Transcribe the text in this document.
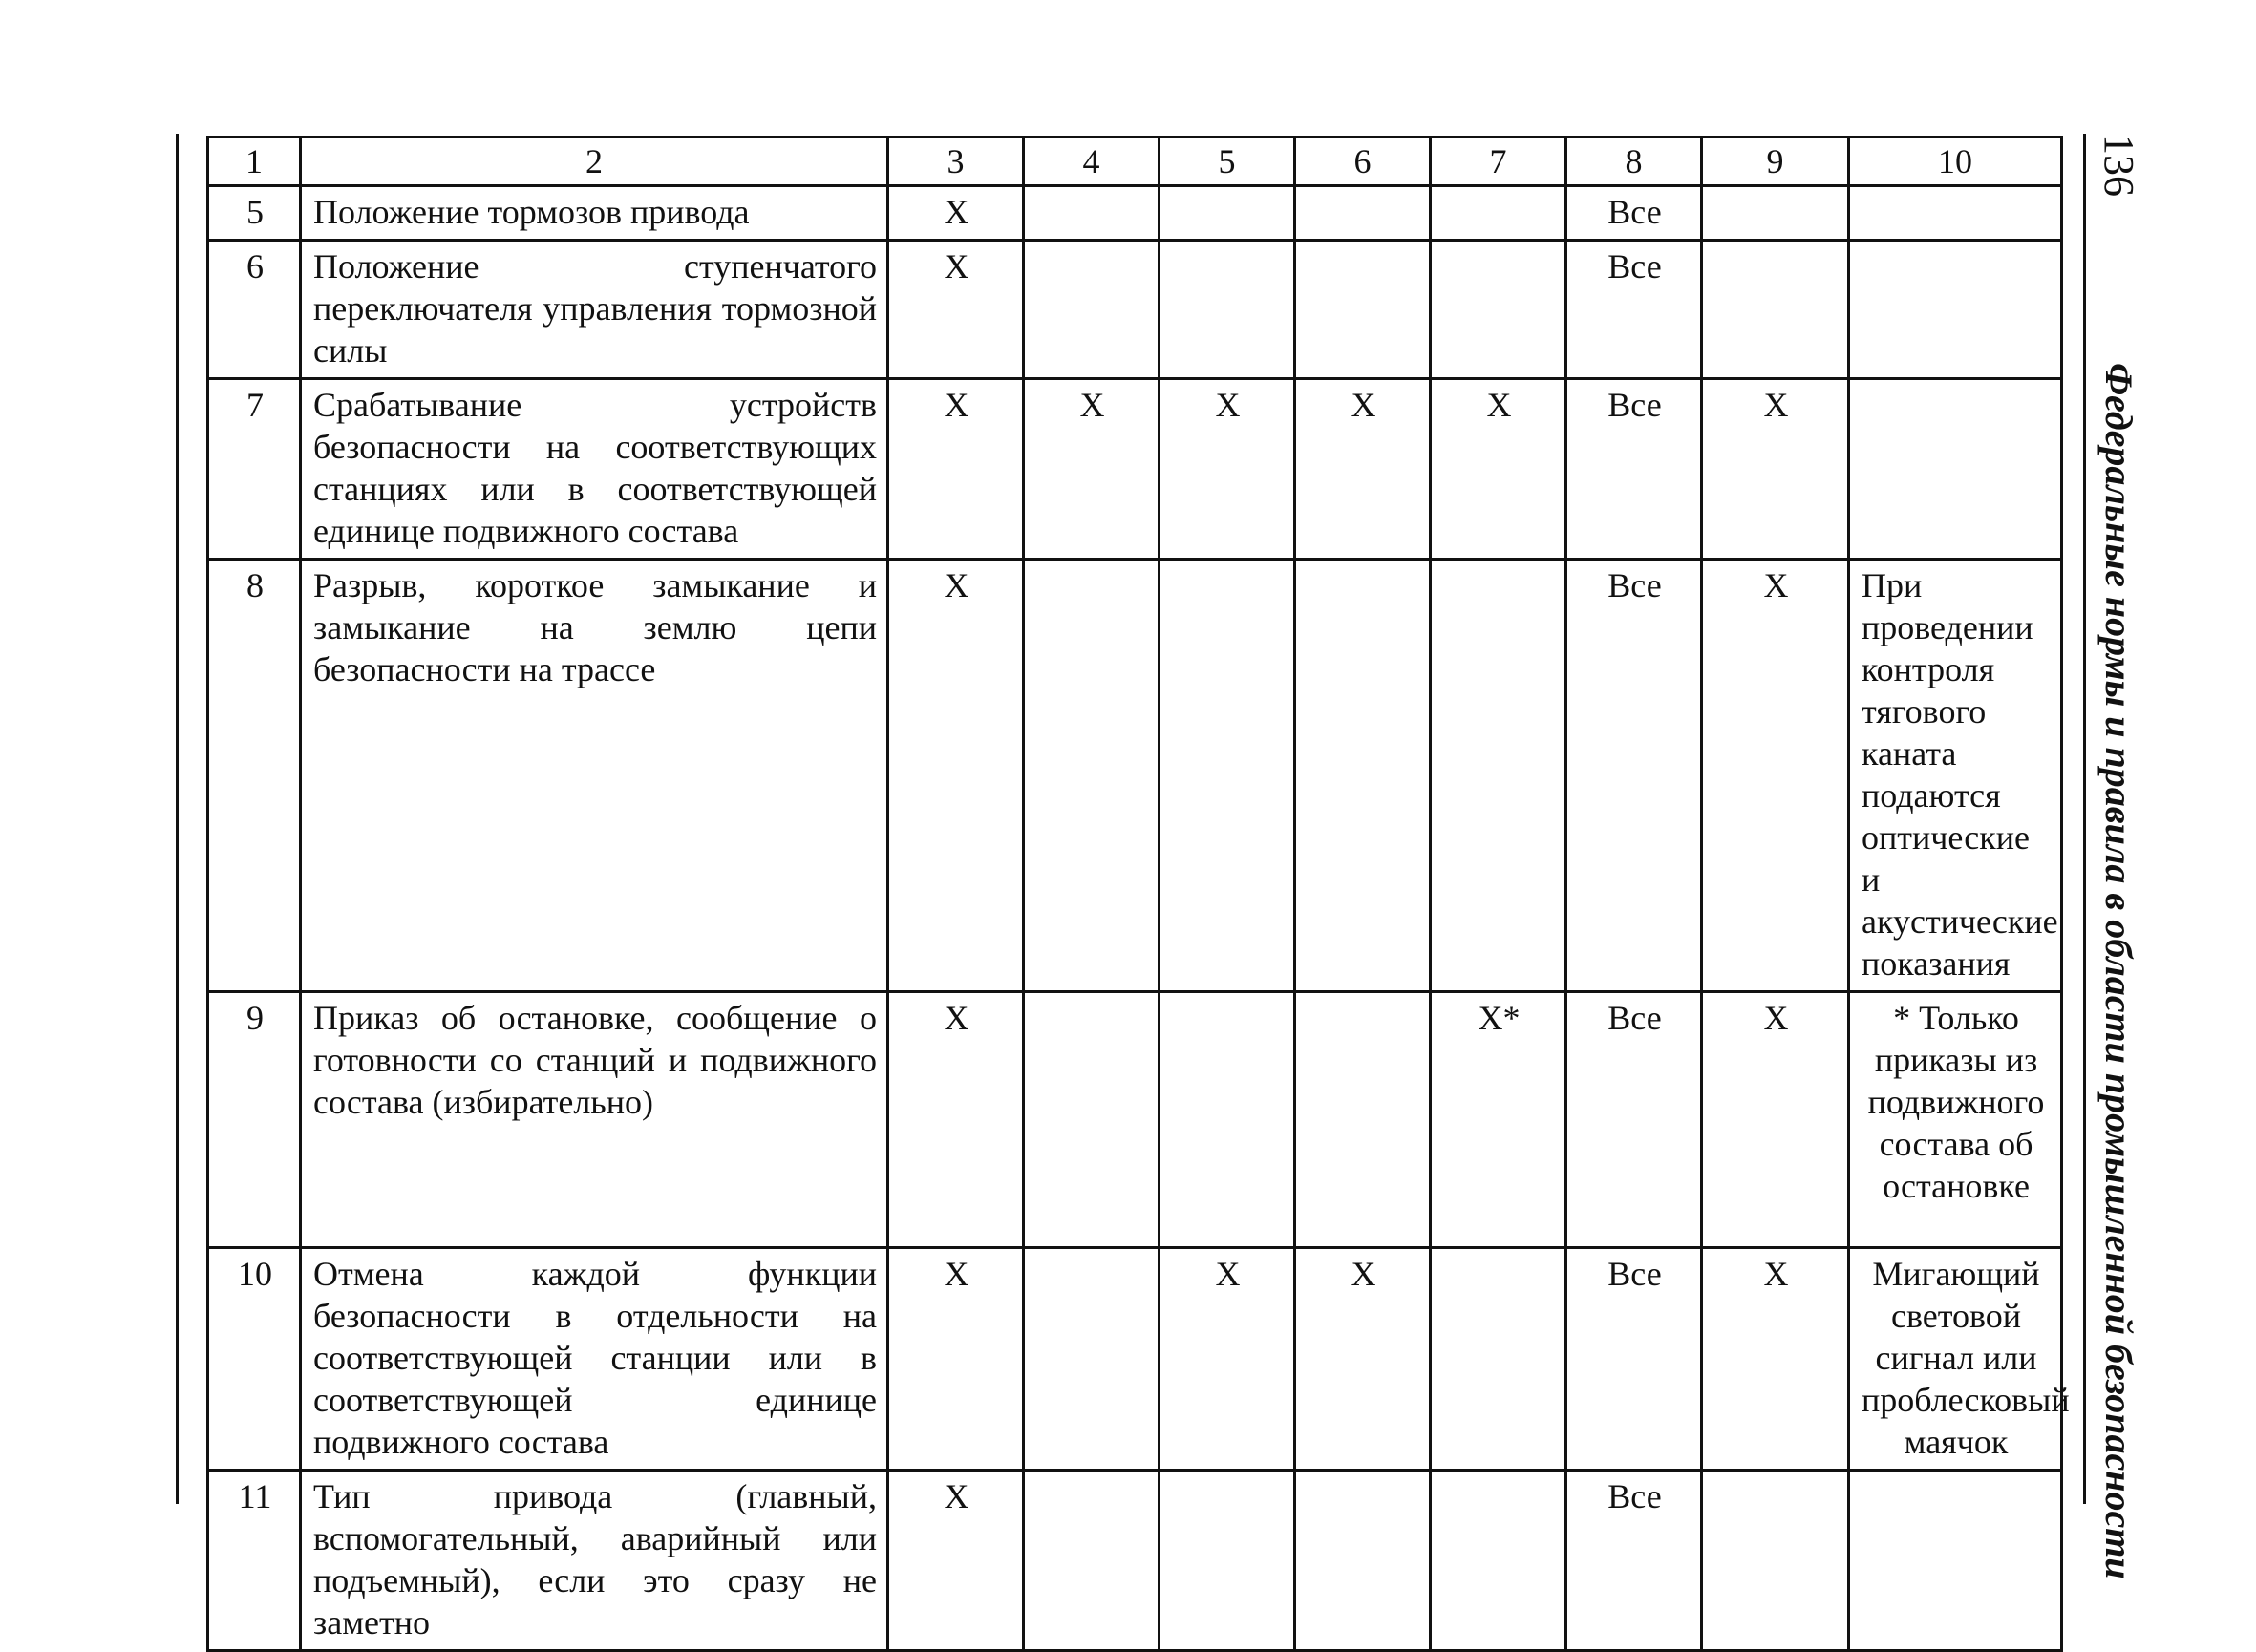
1	2	3	4	5	6	7	8	9	10
5	Положение тормозов привода	X					Все		
6	Положение ступенчатого переключателя управления тормозной силы	X					Все		
7	Срабатывание устройств безопасности на соответствующих станциях или в соответствующей единице подвижного состава	X	X	X	X	X	Все	X	
8	Разрыв, короткое замыкание и замыкание на землю цепи безопасности на трассе	X					Все	X	При проведении контроля тягового каната подаются оптические и акустические показания
9	Приказ об остановке, сообщение о готовности со станций и подвижного состава (избирательно)	X				X*	Все	X	* Только приказы из подвижного состава об остановке
10	Отмена каждой функции безопасности в отдельности на соответствующей станции или в соответствующей единице подвижного состава	X		X	X		Все	X	Мигающий световой сигнал или проблесковый маячок
11	Тип привода (главный, вспомогательный, аварийный или подъемный), если это сразу не заметно	X					Все		
136
Федеральные нормы и правила в области промышленной безопасности
